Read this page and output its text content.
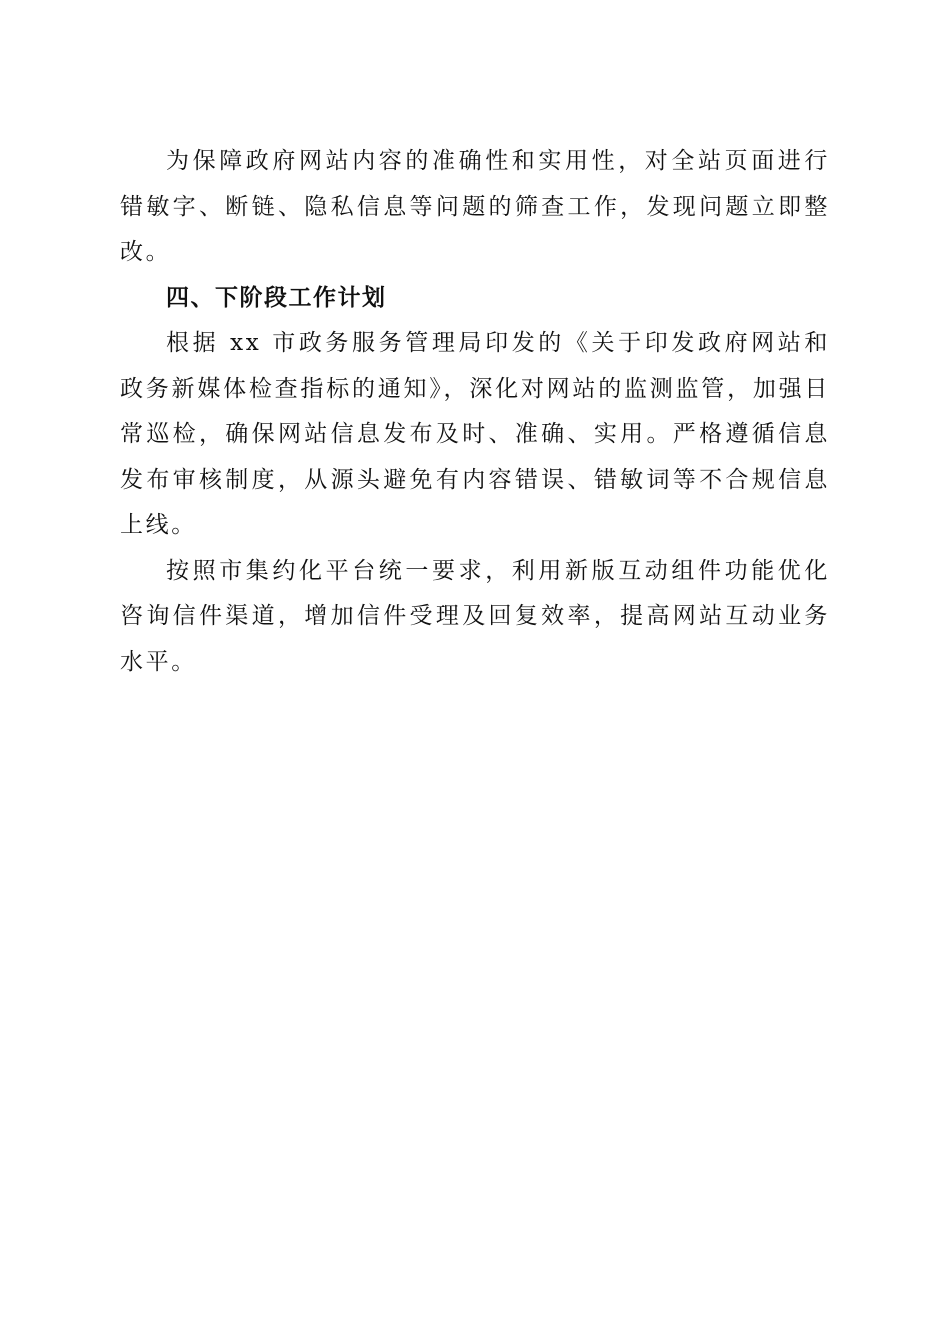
为保障政府网站内容的准确性和实用性，对全站页面进行错敏字、断链、隐私信息等问题的筛查工作，发现问题立即整改。

四、下阶段工作计划

根据 xx 市政务服务管理局印发的《关于印发政府网站和政务新媒体检查指标的通知》，深化对网站的监测监管，加强日常巡检，确保网站信息发布及时、准确、实用。严格遵循信息发布审核制度，从源头避免有内容错误、错敏词等不合规信息上线。

按照市集约化平台统一要求，利用新版互动组件功能优化咨询信件渠道，增加信件受理及回复效率，提高网站互动业务水平。
